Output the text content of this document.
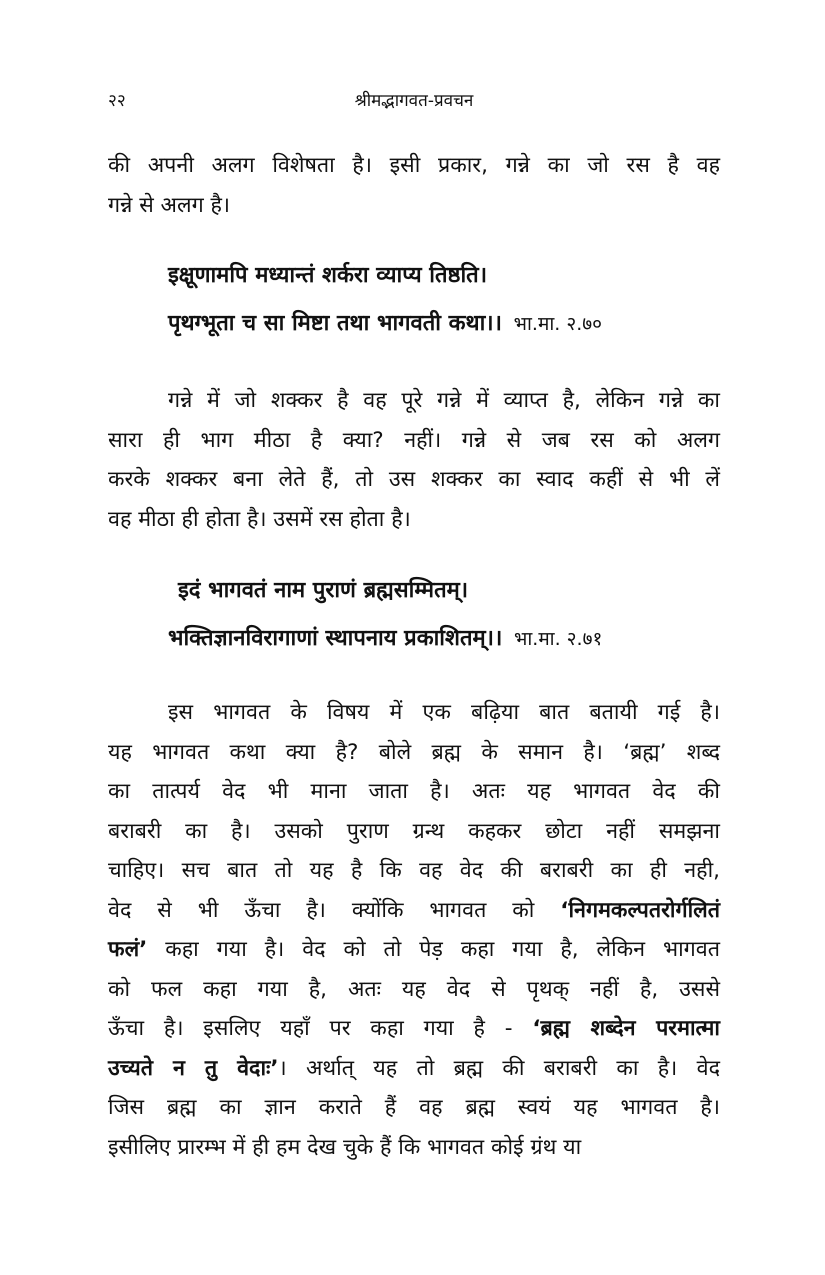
२२	श्रीमद्भागवत-प्रवचन
की अपनी अलग विशेषता है। इसी प्रकार, गन्ने का जो रस है वह
गन्ने से अलग है।
इक्षूणामपि मध्यान्तं शर्करा व्याप्य तिष्ठति।
पृथग्भूता च सा मिष्टा तथा भागवती कथा।। भा.मा. २.७०
गन्ने में जो शक्कर है वह पूरे गन्ने में व्याप्त है, लेकिन गन्ने का
सारा ही भाग मीठा है क्या? नहीं। गन्ने से जब रस को अलग
करके शक्कर बना लेते हैं, तो उस शक्कर का स्वाद कहीं से भी लें
वह मीठा ही होता है। उसमें रस होता है।
इदं भागवतं नाम पुराणं ब्रह्मसम्मितम्।
भक्तिज्ञानविरागाणां स्थापनाय प्रकाशितम्।। भा.मा. २.७१
इस भागवत के विषय में एक बढ़िया बात बतायी गई है।
यह भागवत कथा क्या है? बोले ब्रह्म के समान है। ‘ब्रह्म’ शब्द
का तात्पर्य वेद भी माना जाता है। अतः यह भागवत वेद की
बराबरी का है। उसको पुराण ग्रन्थ कहकर छोटा नहीं समझना
चाहिए। सच बात तो यह है कि वह वेद की बराबरी का ही नही,
वेद से भी ऊँचा है। क्योंकि भागवत को ‘निगमकल्पतरोर्गलितं
फलं’ कहा गया है। वेद को तो पेड़ कहा गया है, लेकिन भागवत
को फल कहा गया है, अतः यह वेद से पृथक् नहीं है, उससे
ऊँचा है। इसलिए यहाँ पर कहा गया है - ‘ब्रह्म शब्देन परमात्मा
उच्यते न तु वेदाः’। अर्थात् यह तो ब्रह्म की बराबरी का है। वेद
जिस ब्रह्म का ज्ञान कराते हैं वह ब्रह्म स्वयं यह भागवत है।
इसीलिए प्रारम्भ में ही हम देख चुके हैं कि भागवत कोई ग्रंथ या
